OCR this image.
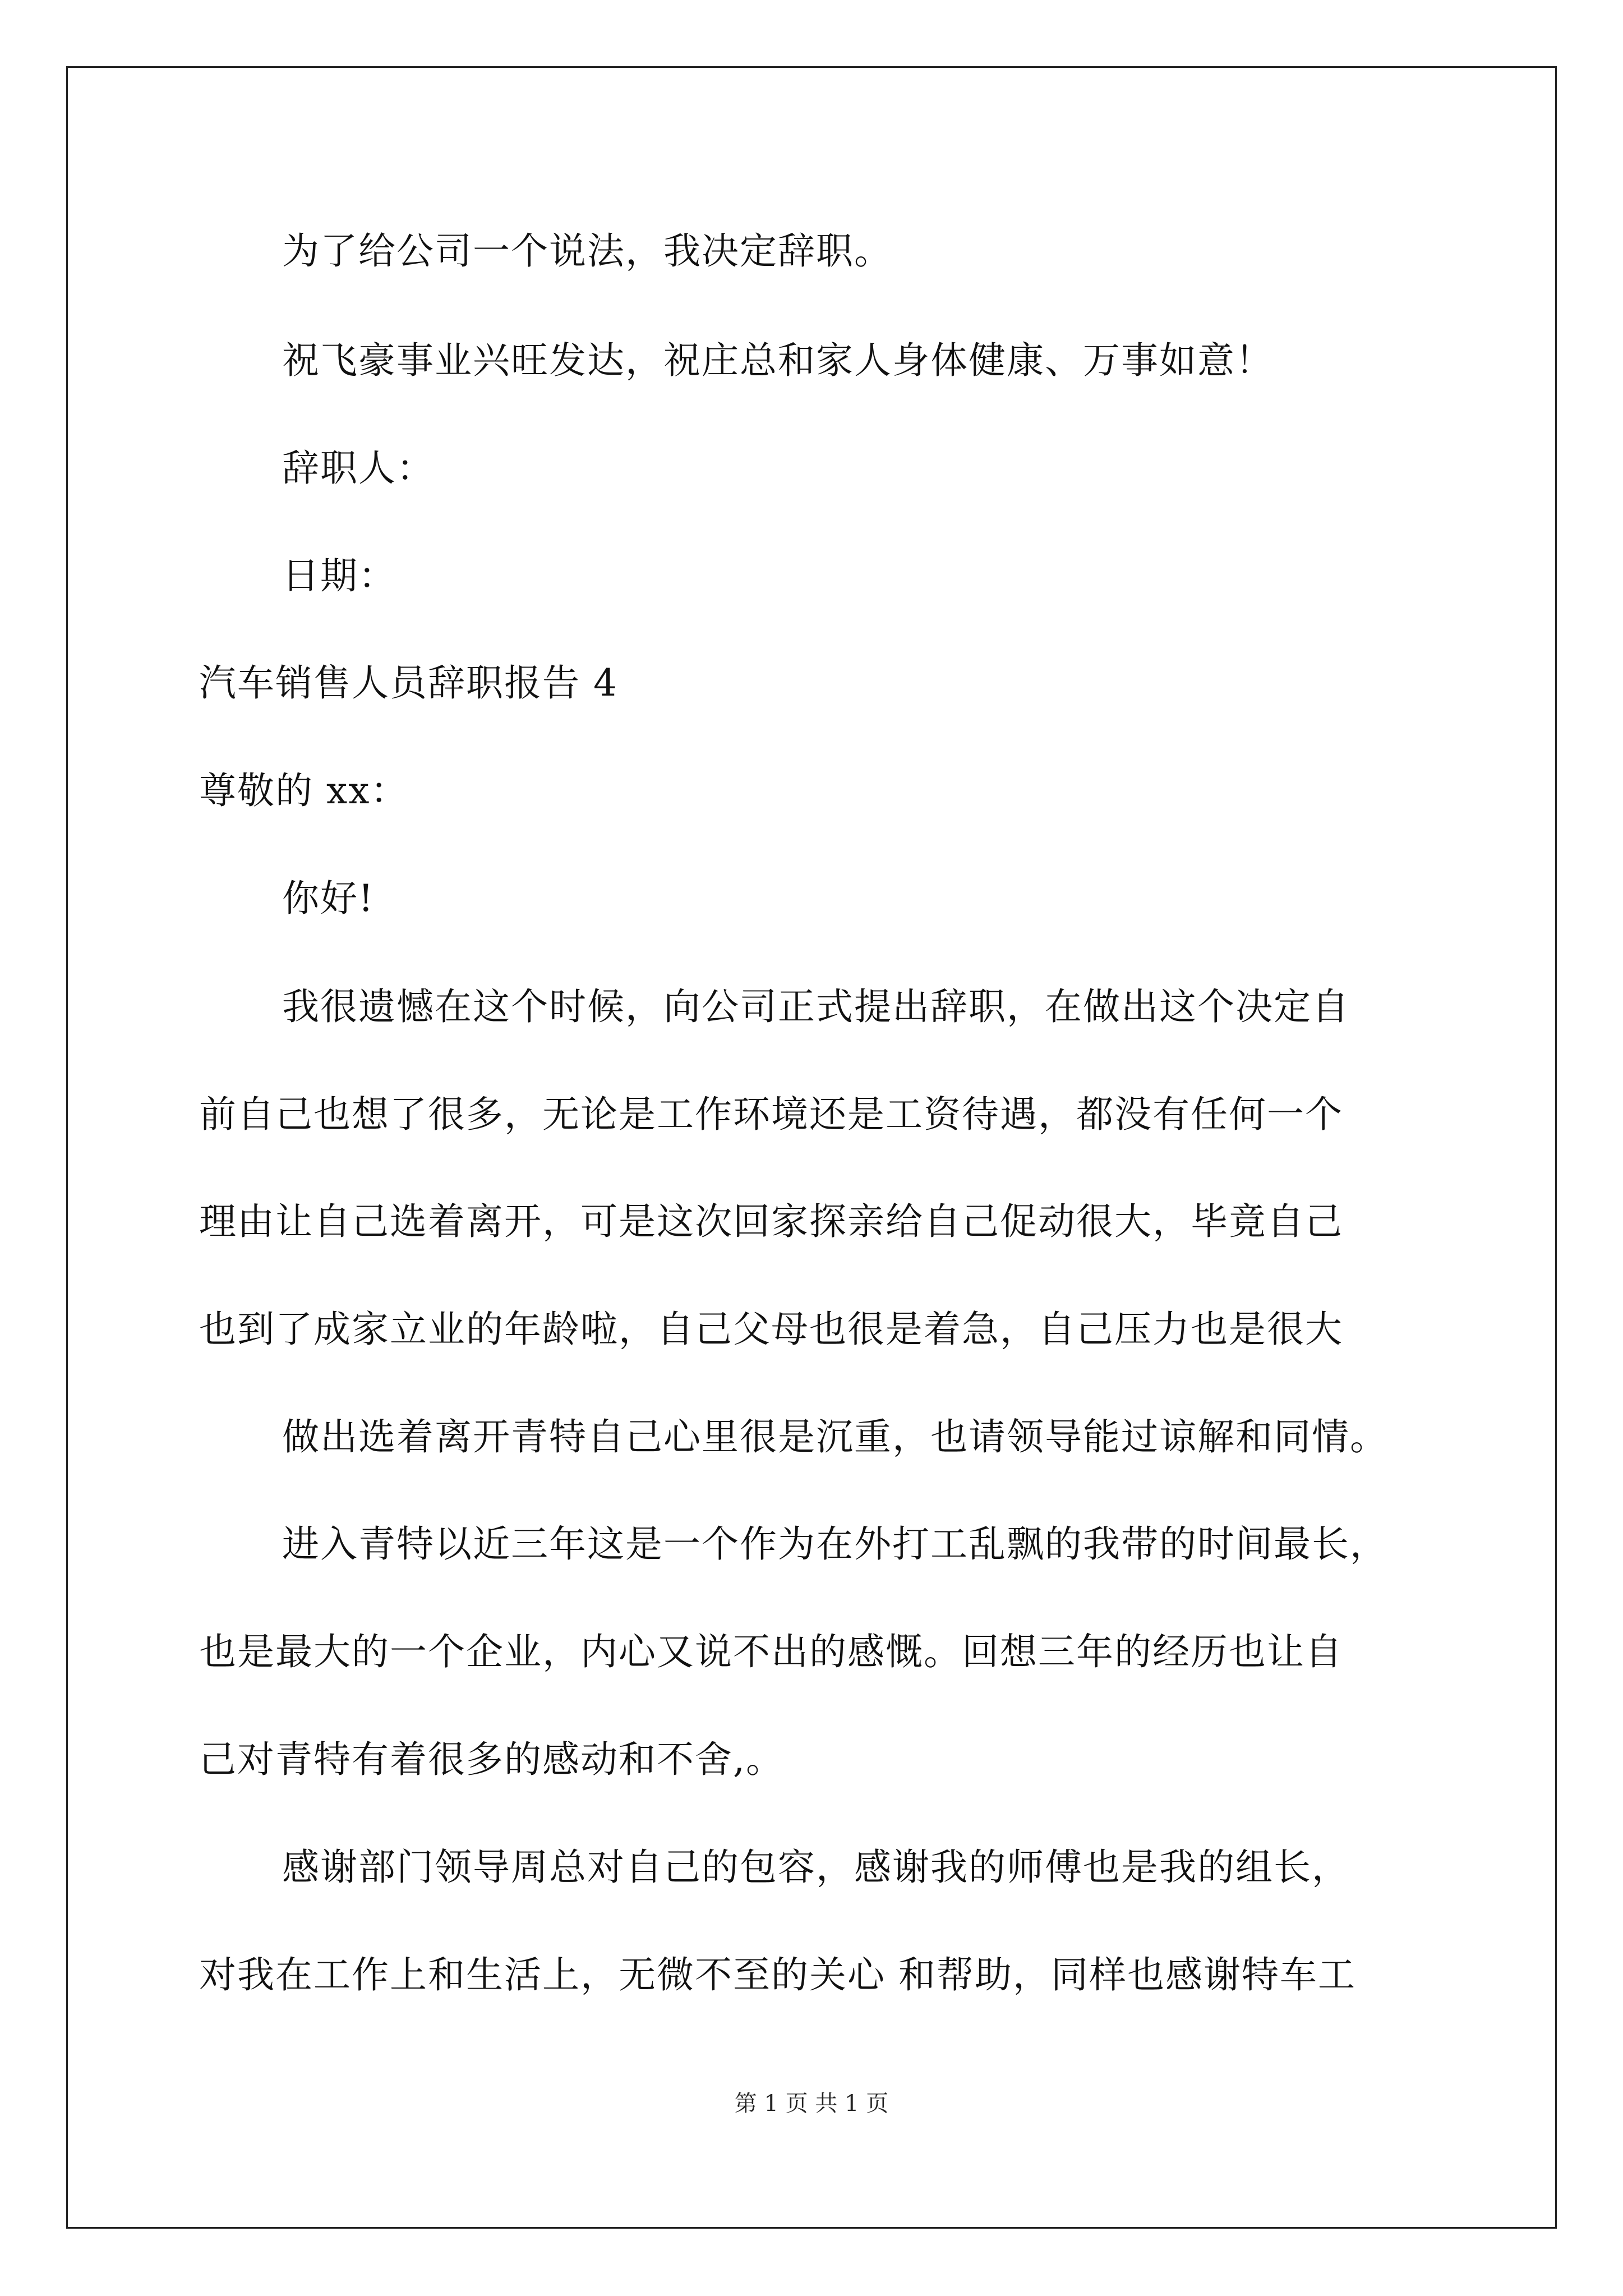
为了给公司一个说法，我决定辞职。
祝飞豪事业兴旺发达，祝庄总和家人身体健康、万事如意！
辞职人：
日期：
汽车销售人员辞职报告 4
尊敬的 xx：
你好!
我很遗憾在这个时候，向公司正式提出辞职，在做出这个决定自
前自己也想了很多，无论是工作环境还是工资待遇，都没有任何一个
理由让自己选着离开，可是这次回家探亲给自己促动很大，毕竟自己
也到了成家立业的年龄啦，自己父母也很是着急，自己压力也是很大
做出选着离开青特自己心里很是沉重，也请领导能过谅解和同情。
进入青特以近三年这是一个作为在外打工乱飘的我带的时间最长，
也是最大的一个企业，内心又说不出的感慨。回想三年的经历也让自
己对青特有着很多的感动和不舍,。
感谢部门领导周总对自己的包容，感谢我的师傅也是我的组长，
对我在工作上和生活上，无微不至的关心 和帮助，同样也感谢特车工
第 1 页 共 1 页
